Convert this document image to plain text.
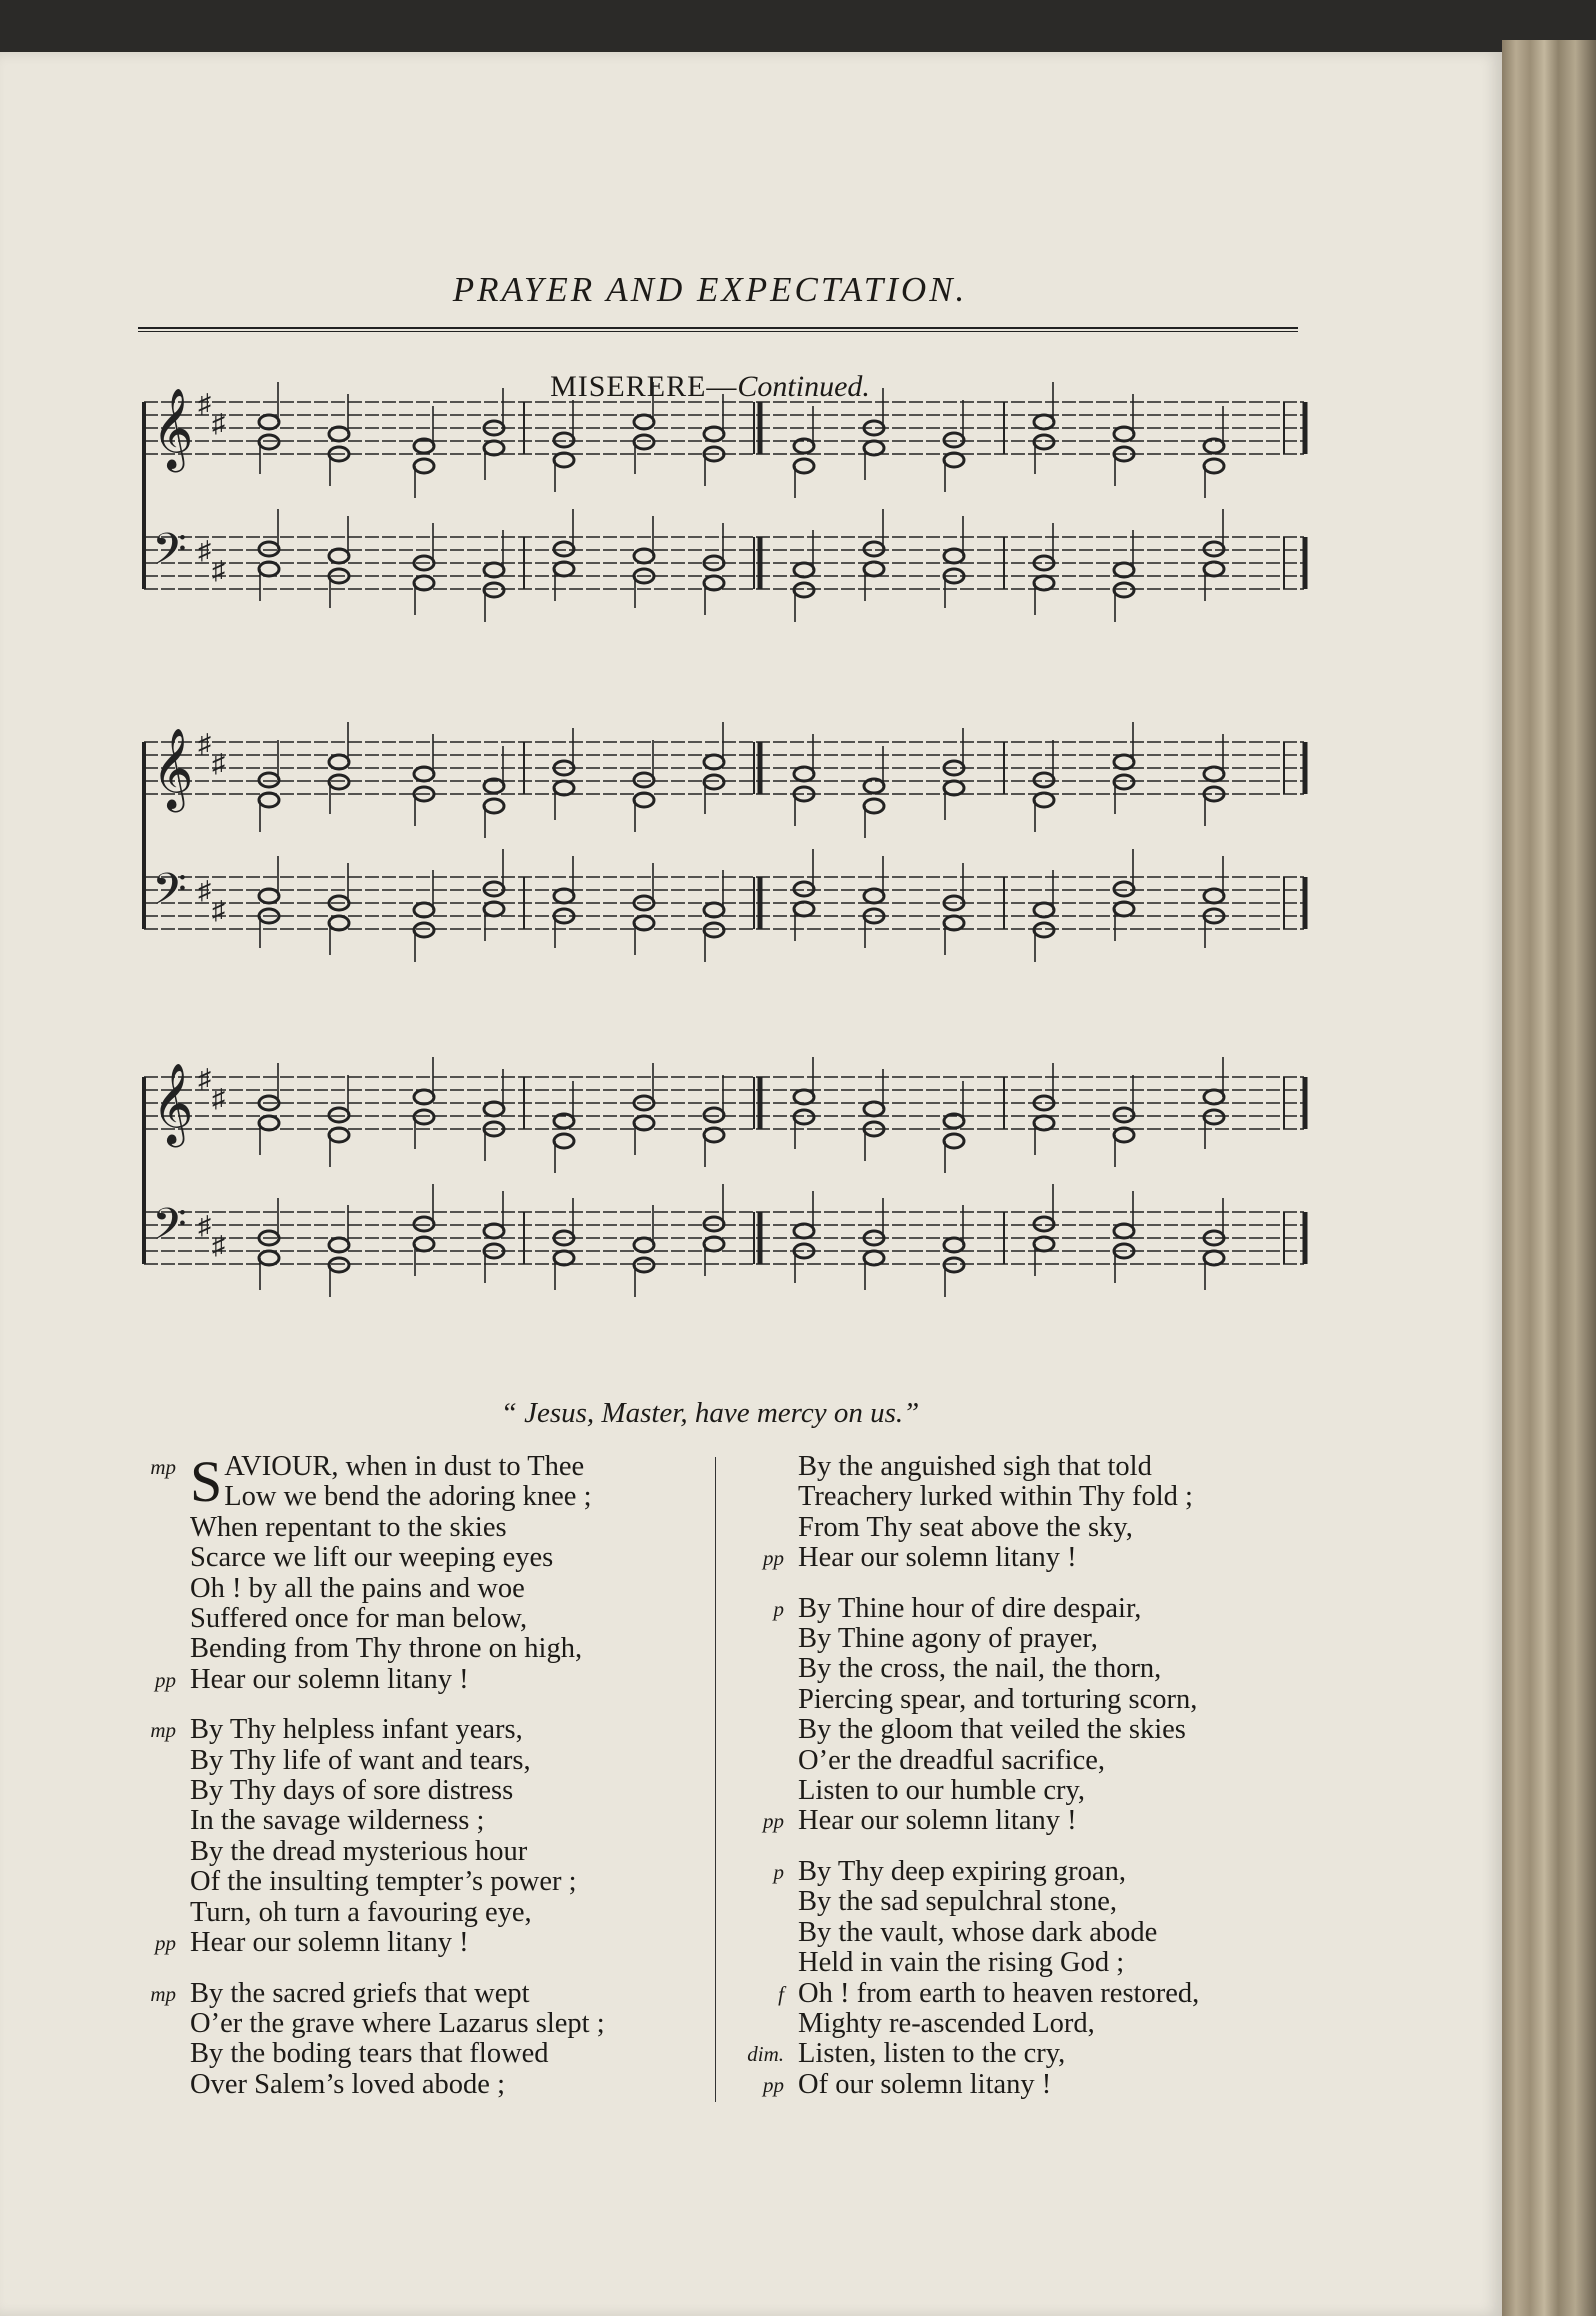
PRAYER AND EXPECTATION.
MISERERE—Continued.
𝄞
𝄢
♯
♯
♯
♯
𝄞
𝄢
♯
♯
♯
♯
𝄞
𝄢
♯
♯
♯
♯
“ Jesus, Master, have mercy on us.”
mp S AVIOUR, when in dust to Thee
Low we bend the adoring knee ;
When repentant to the skies
Scarce we lift our weeping eyes
Oh ! by all the pains and woe
Suffered once for man below,
Bending from Thy throne on high,
pp Hear our solemn litany !
mp By Thy helpless infant years,
By Thy life of want and tears,
By Thy days of sore distress
In the savage wilderness ;
By the dread mysterious hour
Of the insulting tempter’s power ;
Turn, oh turn a favouring eye,
pp Hear our solemn litany !
mp By the sacred griefs that wept
O’er the grave where Lazarus slept ;
By the boding tears that flowed
Over Salem’s loved abode ;
By the anguished sigh that told
Treachery lurked within Thy fold ;
From Thy seat above the sky,
pp Hear our solemn litany !
p By Thine hour of dire despair,
By Thine agony of prayer,
By the cross, the nail, the thorn,
Piercing spear, and torturing scorn,
By the gloom that veiled the skies
O’er the dreadful sacrifice,
Listen to our humble cry,
pp Hear our solemn litany !
p By Thy deep expiring groan,
By the sad sepulchral stone,
By the vault, whose dark abode
Held in vain the rising God ;
f Oh ! from earth to heaven restored,
Mighty re-ascended Lord,
dim. Listen, listen to the cry,
pp Of our solemn litany !
